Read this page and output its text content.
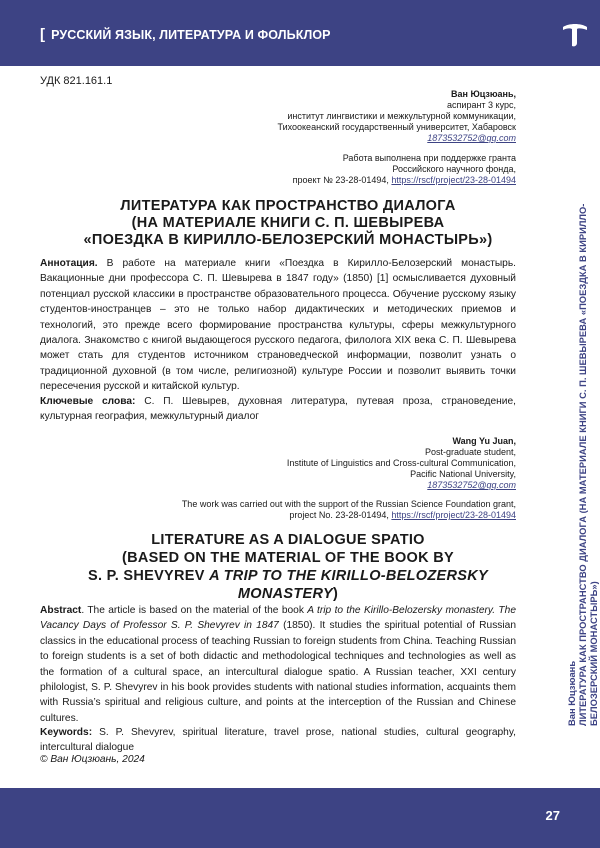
[ РУССКИЙ ЯЗЫК, ЛИТЕРАТУРА И ФОЛЬКЛОР
Ван Юцзюань ЛИТЕРАТУРА КАК ПРОСТРАНСТВО ДИАЛОГА (НА МАТЕРИАЛЕ КНИГИ С. П. ШЕВЫРЕВА «ПОЕЗДКА В КИРИЛЛО-БЕЛОЗЕРСКИЙ МОНАСТЫРЬ»)
УДК 821.161.1
Ван Юцзюань,
аспирант 3 курс,
институт лингвистики и межкультурной коммуникации,
Тихоокеанский государственный университет, Хабаровск
1873532752@qq.com
Работа выполнена при поддержке гранта
Российского научного фонда,
проект № 23-28-01494, https://rscf/project/23-28-01494
ЛИТЕРАТУРА КАК ПРОСТРАНСТВО ДИАЛОГА
(НА МАТЕРИАЛЕ КНИГИ С. П. ШЕВЫРЕВА
«ПОЕЗДКА В КИРИЛЛО-БЕЛОЗЕРСКИЙ МОНАСТЫРЬ»)
Аннотация. В работе на материале книги «Поездка в Кирилло-Белозерский монастырь. Вакационные дни профессора С. П. Шевырева в 1847 году» (1850) [1] осмысливается духовный потенциал русской классики в пространстве образовательного процесса. Обучение русскому языку студентов-иностранцев – это не только набор дидактических и методических приемов и технологий, это прежде всего формирование пространства культуры, сферы межкультурного диалога. Знакомство с книгой выдающегося русского педагога, филолога XIX века С. П. Шевырева может стать для студентов источником страноведческой информации, позволит узнать о традиционной духовной (в том числе, религиозной) культуре России и позволит выявить точки пересечения русской и китайской культур.
Ключевые слова: С. П. Шевырев, духовная литература, путевая проза, страноведение, культурная география, межкультурный диалог
Wang Yu Juan,
Post-graduate student,
Institute of Linguistics and Cross-cultural Communication,
Pacific National University,
1873532752@qq.com
The work was carried out with the support of the Russian Science Foundation grant,
project No. 23-28-01494, https://rscf/project/23-28-01494
LITERATURE AS A DIALOGUE SPATIO
(BASED ON THE MATERIAL OF THE BOOK BY
S. P. SHEVYREV A TRIP TO THE KIRILLO-BELOZERSKY
MONASTERY)
Abstract. The article is based on the material of the book A trip to the Kirillo-Belozersky monastery. The Vacancy Days of Professor S. P. Shevyrev in 1847 (1850). It studies the spiritual potential of Russian classics in the educational process of teaching Russian to foreign students from China. Teaching Russian to foreign students is a set of both didactic and methodological techniques and technologies as well as the formation of a cultural space, an intercultural dialogue spatio. A Russian teacher, XXI century philologist, S. P. Shevyrev in his book provides students with national studies information, acquaints them with Russia’s spiritual and religious culture, and points at the interception of the Russian and Chinese cultures.
Keywords: S. P. Shevyrev, spiritual literature, travel prose, national studies, cultural geography, intercultural dialogue
© Ван Юцзюань, 2024
27
